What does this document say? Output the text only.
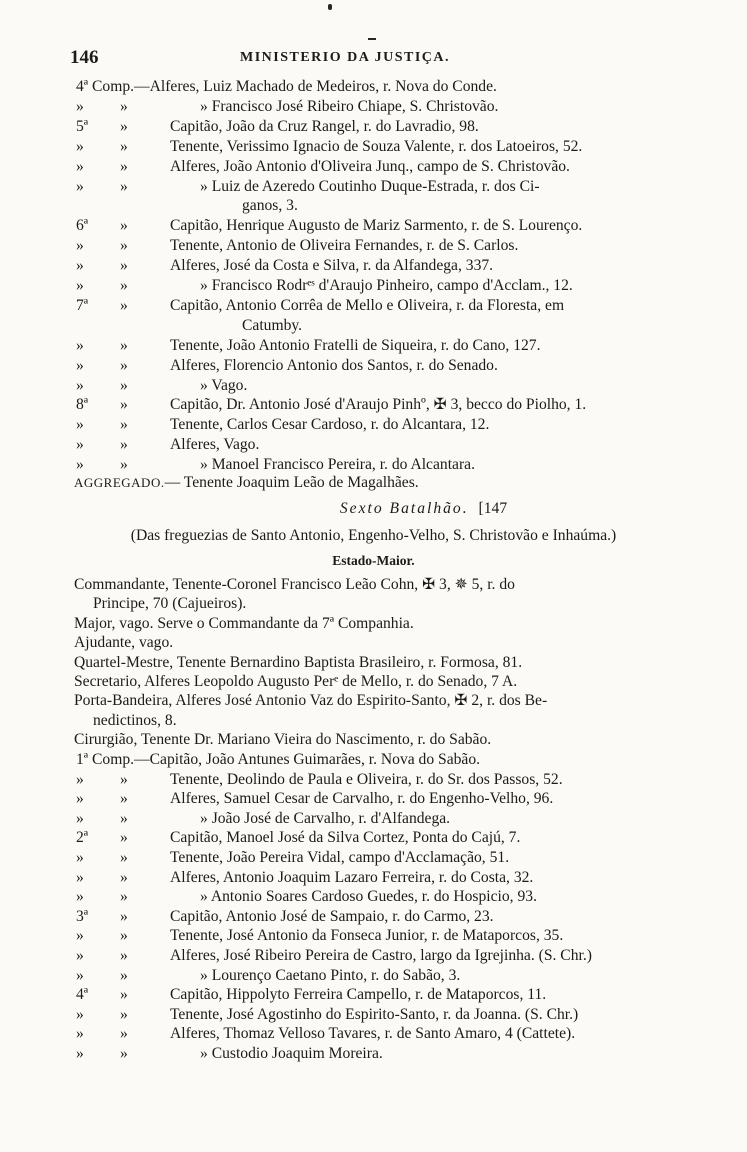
146	MINISTERIO DA JUSTIÇA.
4ª Comp.—Alferes, Luiz Machado de Medeiros, r. Nova do Conde.
» »	» Francisco José Ribeiro Chiape, S. Christovão.
5ª »	Capitão, João da Cruz Rangel, r. do Lavradio, 98.
» »	Tenente, Verissimo Ignacio de Souza Valente, r. dos Latoeiros, 52.
» »	Alferes, João Antonio d'Oliveira Junq., campo de S. Christovão.
» »	» Luiz de Azeredo Coutinho Duque-Estrada, r. dos Ci-
ganos, 3.
6ª »	Capitão, Henrique Augusto de Mariz Sarmento, r. de S. Lourenço.
» »	Tenente, Antonio de Oliveira Fernandes, r. de S. Carlos.
» »	Alferes, José da Costa e Silva, r. da Alfandega, 337.
» »	» Francisco Rodrᵉˢ d'Araujo Pinheiro, campo d'Acclam., 12.
7ª »	Capitão, Antonio Corrêa de Mello e Oliveira, r. da Floresta, em
Catumby.
» »	Tenente, João Antonio Fratelli de Siqueira, r. do Cano, 127.
» »	Alferes, Florencio Antonio dos Santos, r. do Senado.
» »	» Vago.
8ª »	Capitão, Dr. Antonio José d'Araujo Pinhº, ✠ 3, becco do Piolho, 1.
» »	Tenente, Carlos Cesar Cardoso, r. do Alcantara, 12.
» »	Alferes, Vago.
» »	» Manoel Francisco Pereira, r. do Alcantara.
AGGREGADO.— Tenente Joaquim Leão de Magalhães.
Sexto Batalhão. [147
(Das freguezias de Santo Antonio, Engenho-Velho, S. Christovão e Inhaúma.)
Estado-Maior.
Commandante, Tenente-Coronel Francisco Leão Cohn, ✠ 3, ✵ 5, r. do
Principe, 70 (Cajueiros).
Major, vago. Serve o Commandante da 7ª Companhia.
Ajudante, vago.
Quartel-Mestre, Tenente Bernardino Baptista Brasileiro, r. Formosa, 81.
Secretario, Alferes Leopoldo Augusto Perᵉ de Mello, r. do Senado, 7 A.
Porta-Bandeira, Alferes José Antonio Vaz do Espirito-Santo, ✠ 2, r. dos Be-
nedictinos, 8.
Cirurgião, Tenente Dr. Mariano Vieira do Nascimento, r. do Sabão.
1ª Comp.—Capitão, João Antunes Guimarães, r. Nova do Sabão.
» »	Tenente, Deolindo de Paula e Oliveira, r. do Sr. dos Passos, 52.
» »	Alferes, Samuel Cesar de Carvalho, r. do Engenho-Velho, 96.
» »	» João José de Carvalho, r. d'Alfandega.
2ª »	Capitão, Manoel José da Silva Cortez, Ponta do Cajú, 7.
» »	Tenente, João Pereira Vidal, campo d'Acclamação, 51.
» »	Alferes, Antonio Joaquim Lazaro Ferreira, r. do Costa, 32.
» »	» Antonio Soares Cardoso Guedes, r. do Hospicio, 93.
3ª »	Capitão, Antonio José de Sampaio, r. do Carmo, 23.
» »	Tenente, José Antonio da Fonseca Junior, r. de Mataporcos, 35.
» »	Alferes, José Ribeiro Pereira de Castro, largo da Igrejinha. (S. Chr.)
» »	» Lourenço Caetano Pinto, r. do Sabão, 3.
4ª »	Capitão, Hippolyto Ferreira Campello, r. de Mataporcos, 11.
» »	Tenente, José Agostinho do Espirito-Santo, r. da Joanna. (S. Chr.)
» »	Alferes, Thomaz Velloso Tavares, r. de Santo Amaro, 4 (Cattete).
» »	» Custodio Joaquim Moreira.
